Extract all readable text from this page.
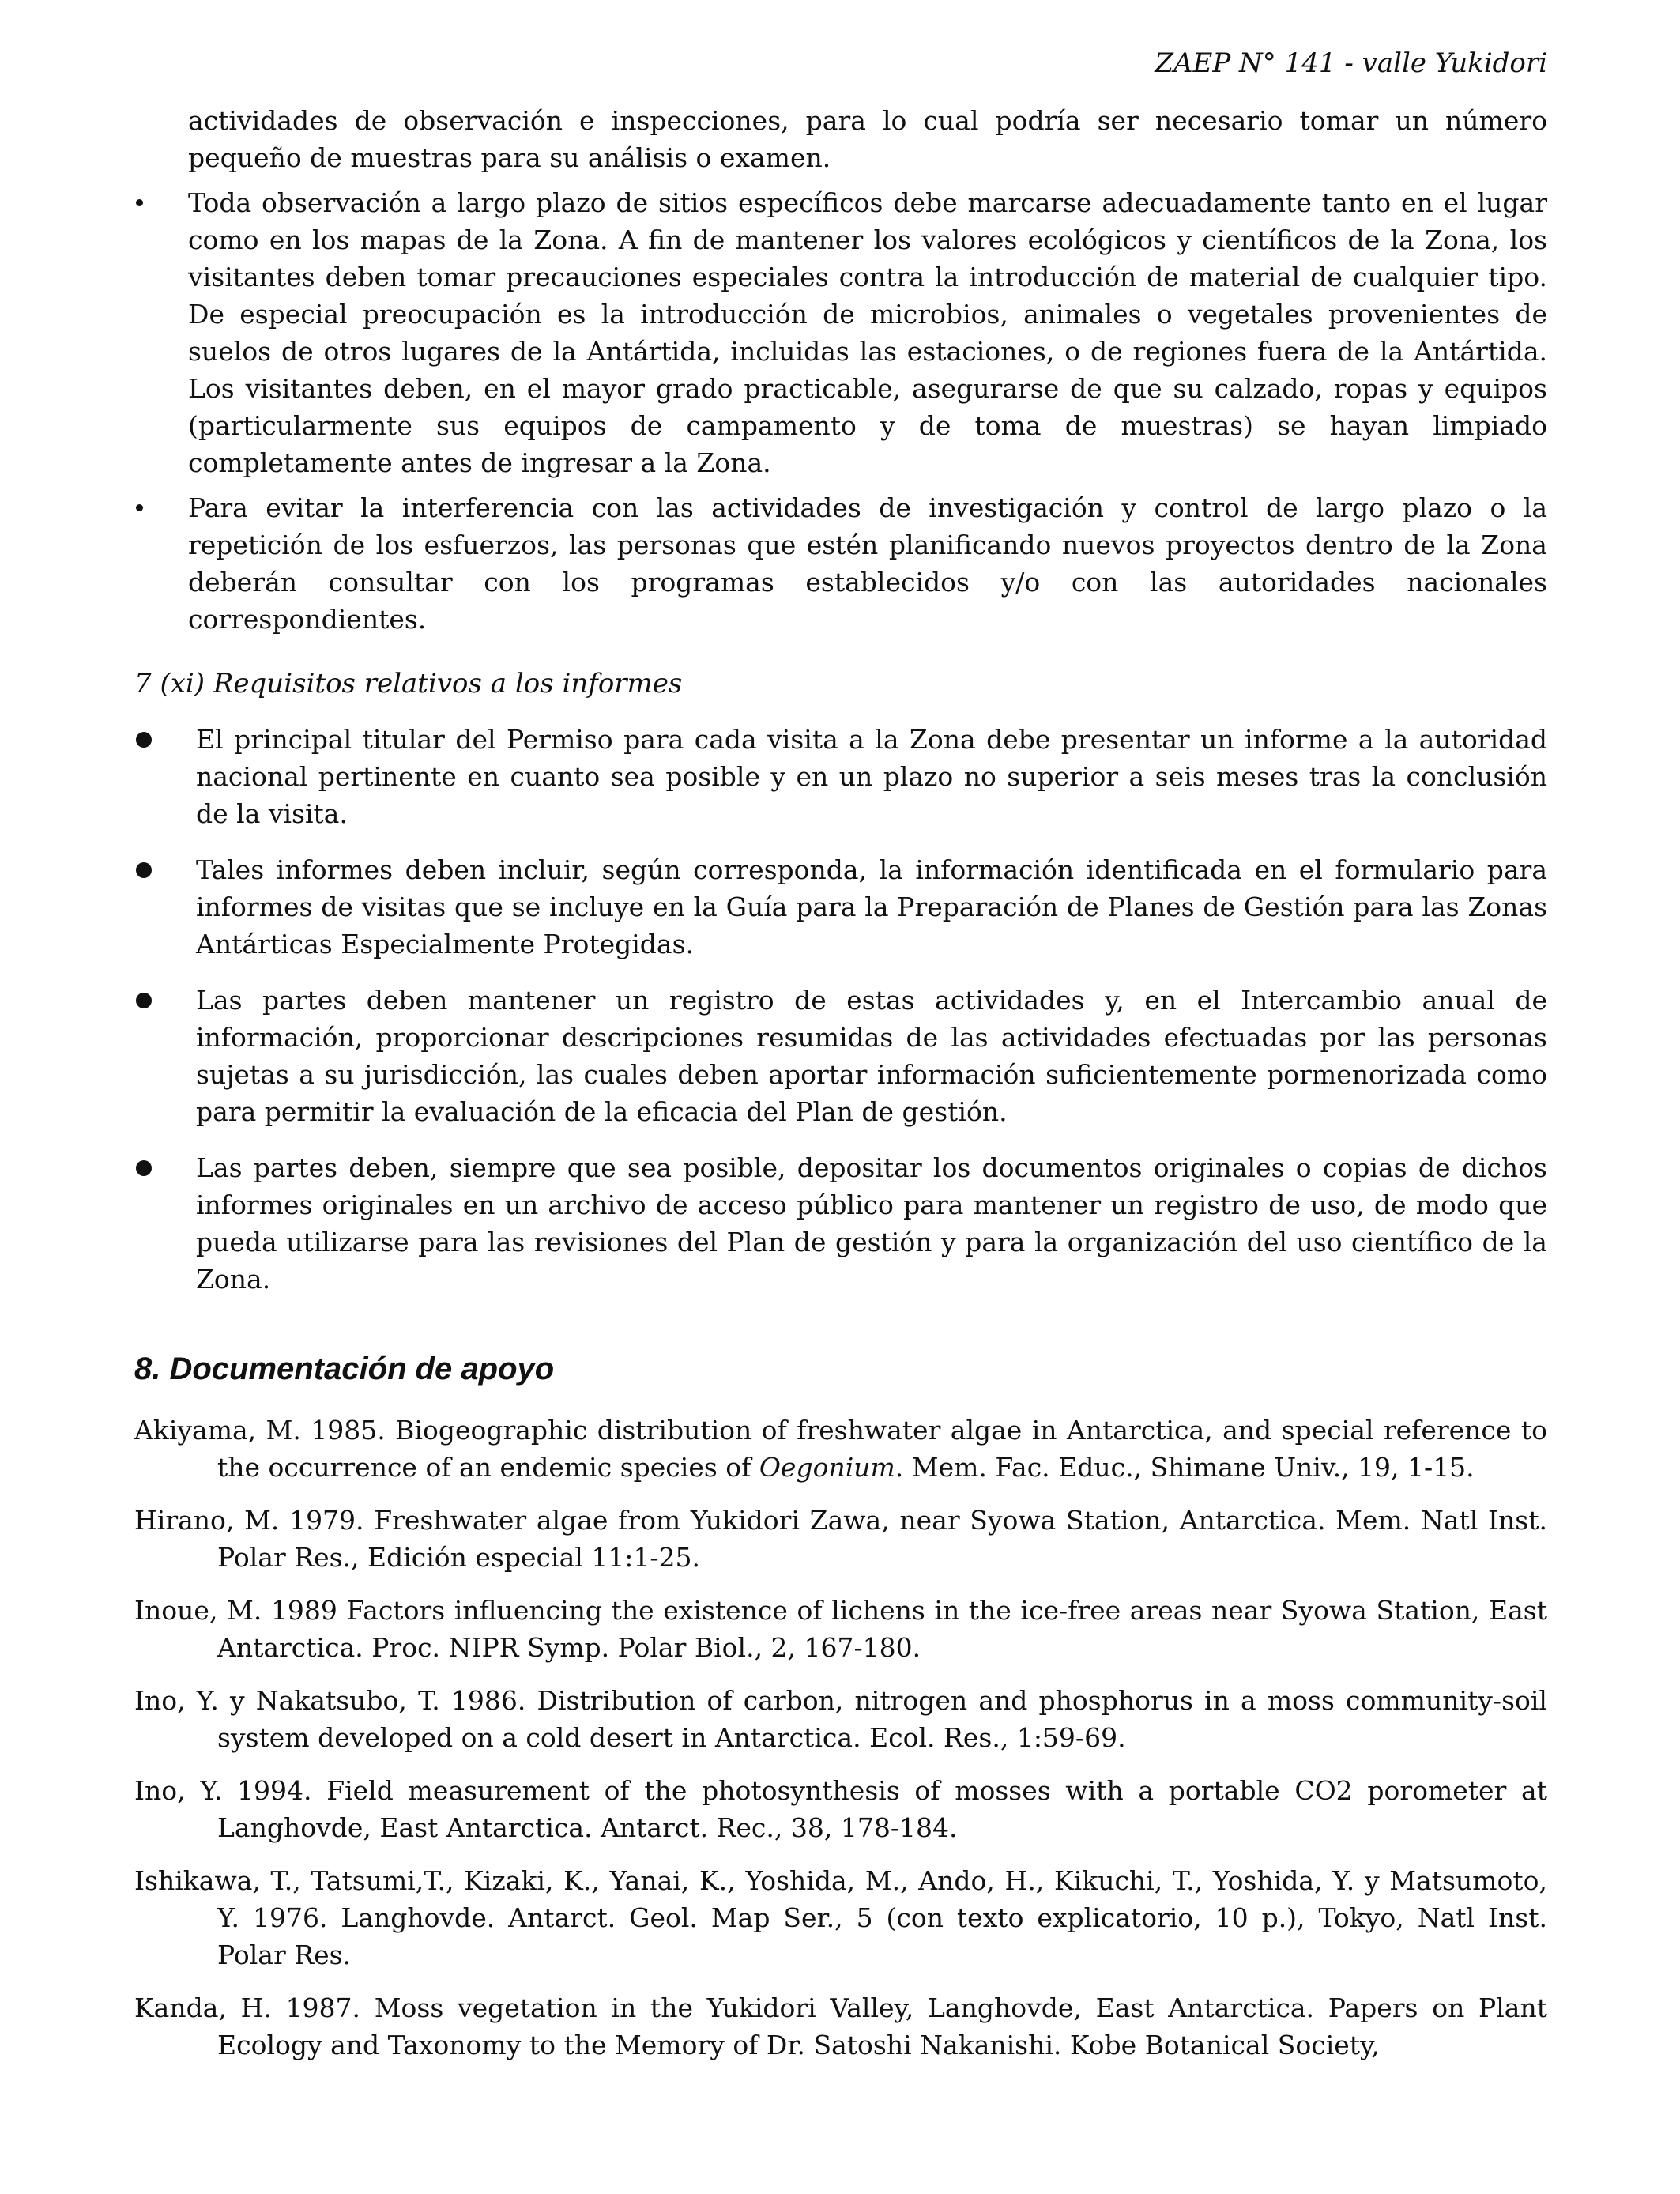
ZAEP N° 141 - valle Yukidori

actividades de observación e inspecciones, para lo cual podría ser necesario tomar un número pequeño de muestras para su análisis o examen.

Toda observación a largo plazo de sitios específicos debe marcarse adecuadamente tanto en el lugar como en los mapas de la Zona. A fin de mantener los valores ecológicos y científicos de la Zona, los visitantes deben tomar precauciones especiales contra la introducción de material de cualquier tipo. De especial preocupación es la introducción de microbios, animales o vegetales provenientes de suelos de otros lugares de la Antártida, incluidas las estaciones, o de regiones fuera de la Antártida. Los visitantes deben, en el mayor grado practicable, asegurarse de que su calzado, ropas y equipos (particularmente sus equipos de campamento y de toma de muestras) se hayan limpiado completamente antes de ingresar a la Zona.
Para evitar la interferencia con las actividades de investigación y control de largo plazo o la repetición de los esfuerzos, las personas que estén planificando nuevos proyectos dentro de la Zona deberán consultar con los programas establecidos y/o con las autoridades nacionales correspondientes.
7 (xi) Requisitos relativos a los informes
El principal titular del Permiso para cada visita a la Zona debe presentar un informe a la autoridad nacional pertinente en cuanto sea posible y en un plazo no superior a seis meses tras la conclusión de la visita.
Tales informes deben incluir, según corresponda, la información identificada en el formulario para informes de visitas que se incluye en la Guía para la Preparación de Planes de Gestión para las Zonas Antárticas Especialmente Protegidas.
Las partes deben mantener un registro de estas actividades y, en el Intercambio anual de información, proporcionar descripciones resumidas de las actividades efectuadas por las personas sujetas a su jurisdicción, las cuales deben aportar información suficientemente pormenorizada como para permitir la evaluación de la eficacia del Plan de gestión.
Las partes deben, siempre que sea posible, depositar los documentos originales o copias de dichos informes originales en un archivo de acceso público para mantener un registro de uso, de modo que pueda utilizarse para las revisiones del Plan de gestión y para la organización del uso científico de la Zona.
8. Documentación de apoyo
Akiyama, M. 1985. Biogeographic distribution of freshwater algae in Antarctica, and special reference to the occurrence of an endemic species of Oegonium. Mem. Fac. Educ., Shimane Univ., 19, 1-15.
Hirano, M. 1979. Freshwater algae from Yukidori Zawa, near Syowa Station, Antarctica. Mem. Natl Inst. Polar Res., Edición especial 11:1-25.
Inoue, M. 1989 Factors influencing the existence of lichens in the ice-free areas near Syowa Station, East Antarctica. Proc. NIPR Symp. Polar Biol., 2, 167-180.
Ino, Y. y Nakatsubo, T. 1986. Distribution of carbon, nitrogen and phosphorus in a moss community-soil system developed on a cold desert in Antarctica. Ecol. Res., 1:59-69.
Ino, Y. 1994. Field measurement of the photosynthesis of mosses with a portable CO2 porometer at Langhovde, East Antarctica. Antarct. Rec., 38, 178-184.
Ishikawa, T., Tatsumi,T., Kizaki, K., Yanai, K., Yoshida, M., Ando, H., Kikuchi, T., Yoshida, Y. y Matsumoto, Y. 1976. Langhovde. Antarct. Geol. Map Ser., 5 (con texto explicatorio, 10 p.), Tokyo, Natl Inst. Polar Res.
Kanda, H. 1987. Moss vegetation in the Yukidori Valley, Langhovde, East Antarctica. Papers on Plant Ecology and Taxonomy to the Memory of Dr. Satoshi Nakanishi. Kobe Botanical Society,
